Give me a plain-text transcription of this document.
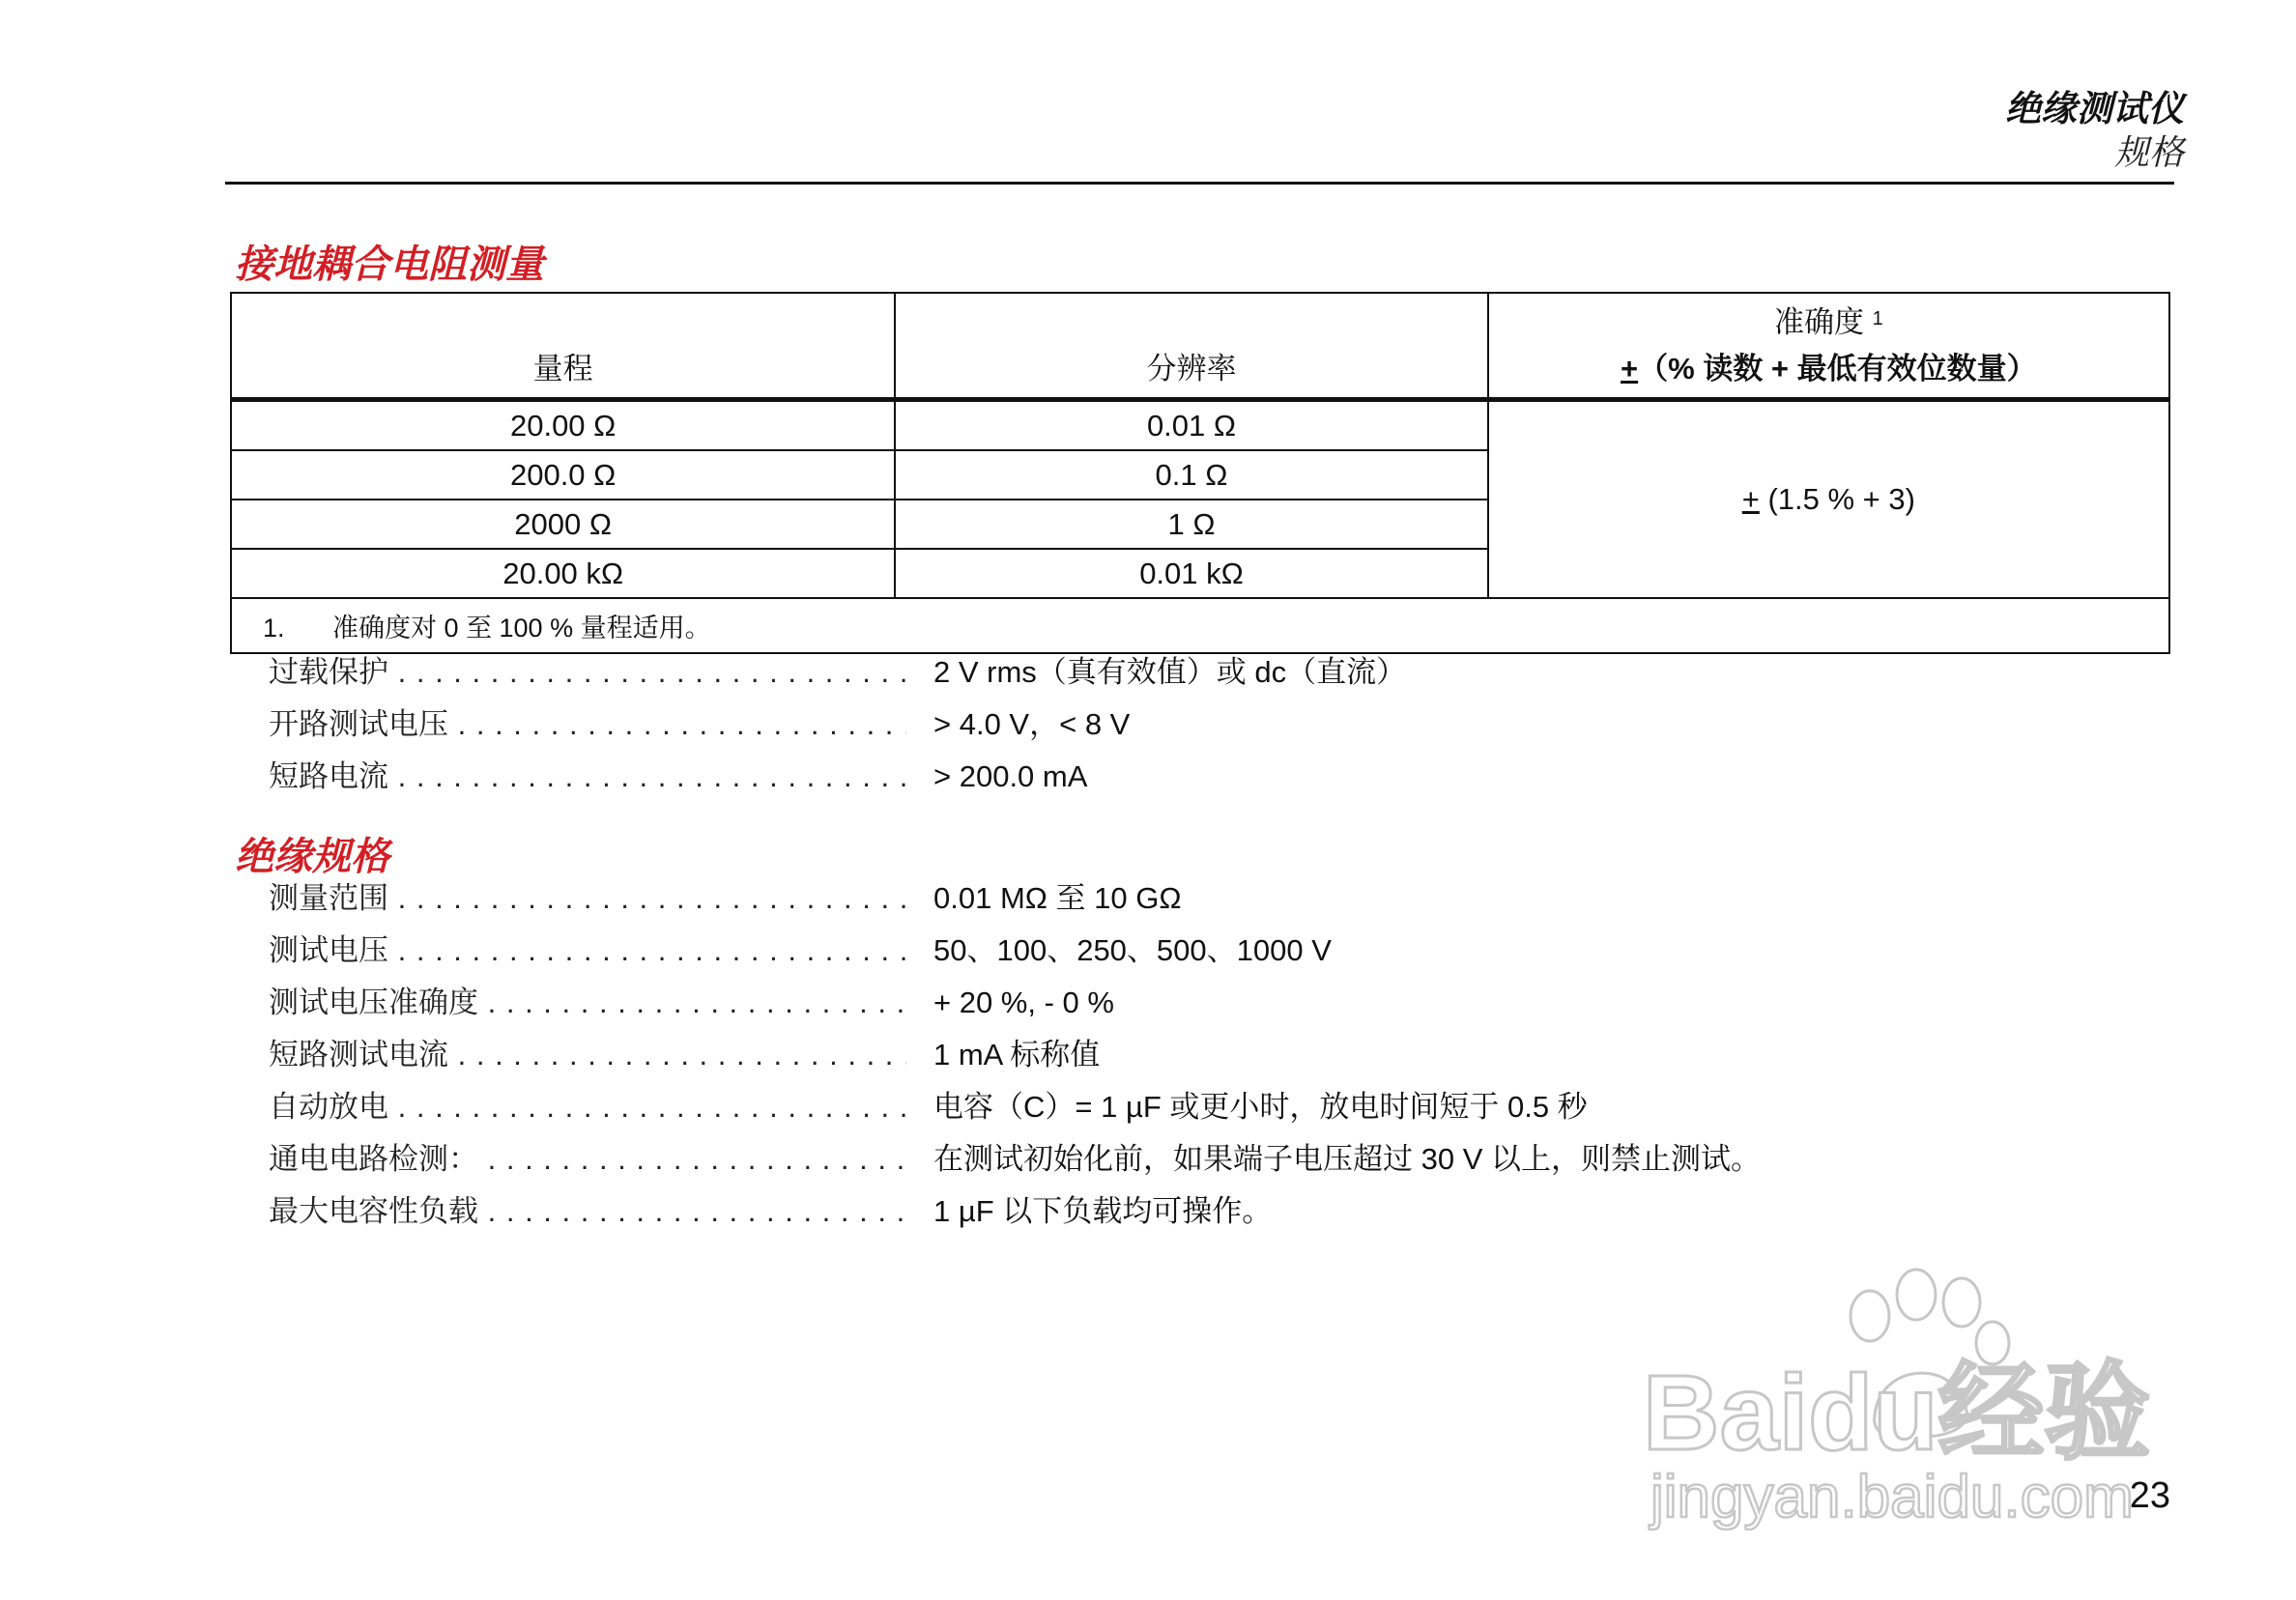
绝缘测试仪
规格
接地耦合电阻测量
量程	分辨率	准确度 $^1$
+（% 读数 + 最低有效位数量）
20.00 Ω	0.01 Ω	+ (1.5 % + 3)
200.0 Ω	0.1 Ω	
2000 Ω	1 Ω	
20.00 kΩ	0.01 kΩ	
1. 准确度对 0 至 100 % 量程适用。		
过载保护 . . .	2 V rms（真有效值）或 dc（直流）
开路测试电压 . . .	> 4.0 V，< 8 V
短路电流 . . .	> 200.0 mA
绝缘规格
测量范围 . . .	0.01 MΩ 至 10 GΩ
测试电压 . . .	50、100、250、500、1000 V
测试电压准确度 . . .	+ 20 %, - 0 %
短路测试电流 . . .	1 mA 标称值
自动放电 . . .	电容（C）= 1 µF 或更小时，放电时间短于 0.5 秒
通电电路检测： . . .	在测试初始化前，如果端子电压超过 30 V 以上，则禁止测试。
最大电容性负载 . . .	1 µF 以下负载均可操作。
Baidu经验
jingyan.baidu.com
23
